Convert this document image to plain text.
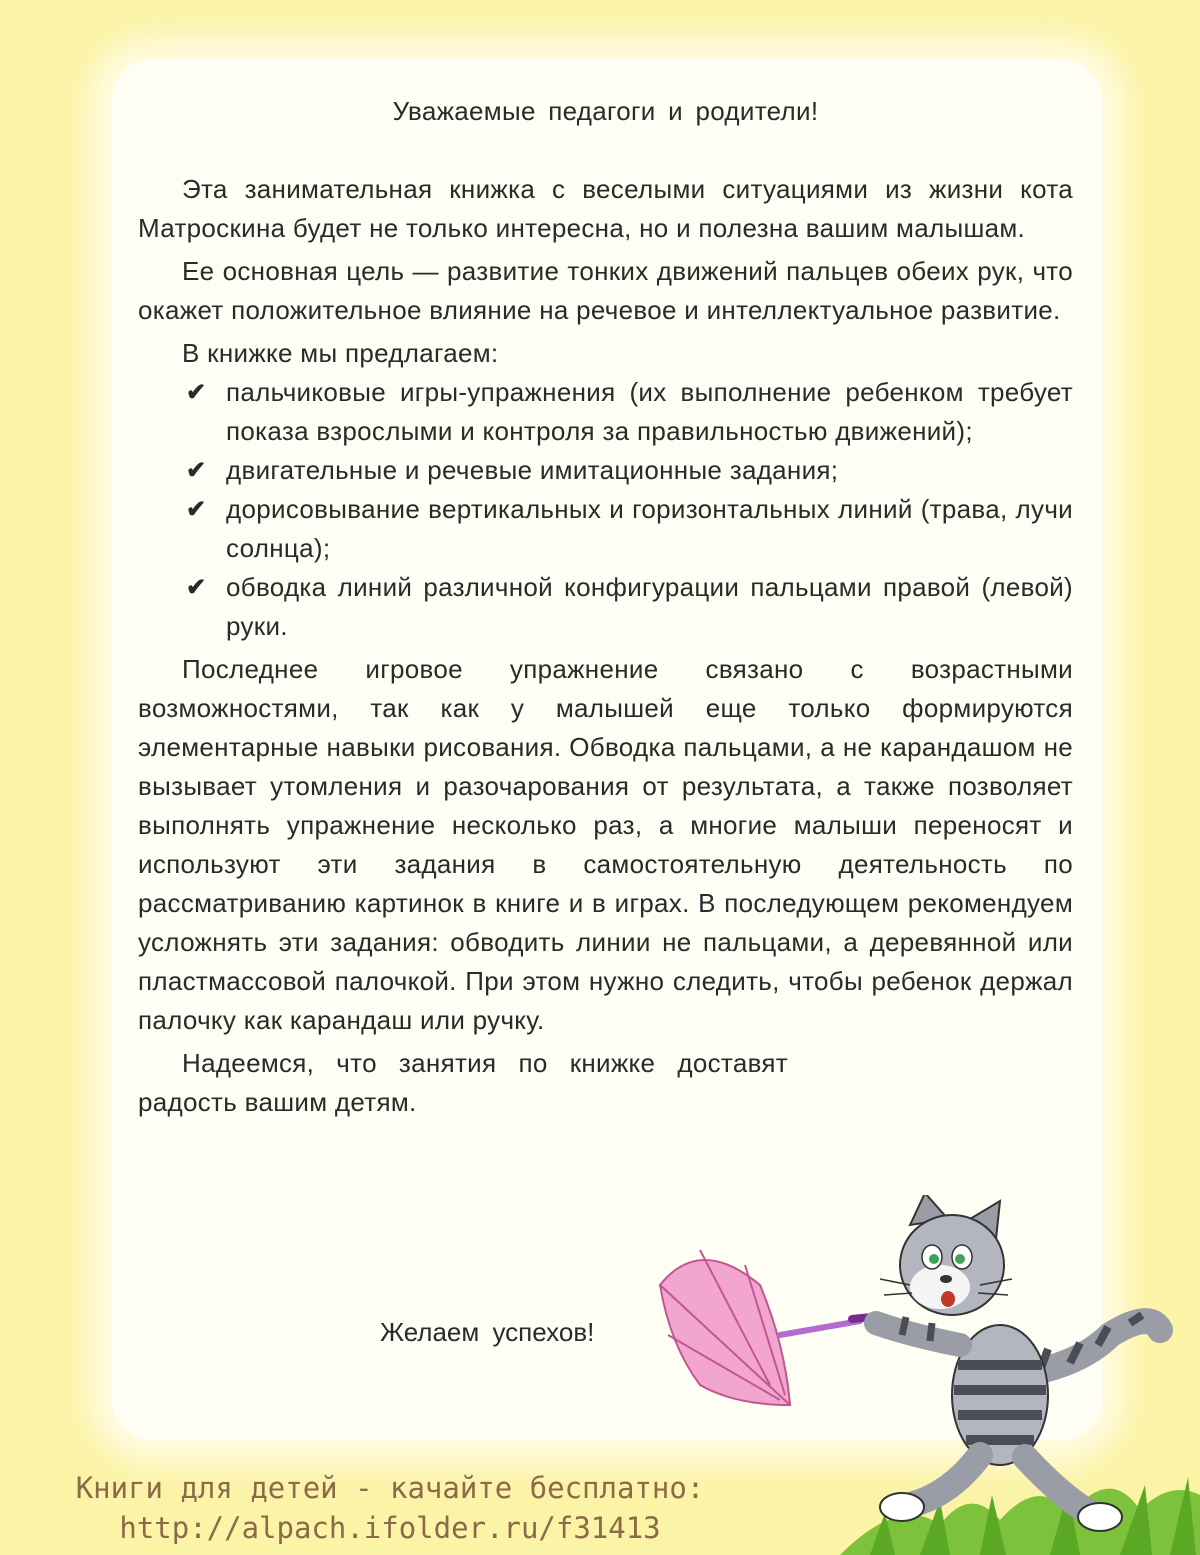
Уважаемые педагоги и родители!

Эта занимательная книжка с веселыми ситуациями из жизни кота Матроскина будет не только интересна, но и полезна вашим малышам.

Ее основная цель — развитие тонких движений пальцев обеих рук, что окажет положительное влияние на речевое и интеллектуальное развитие.

В книжке мы предлагаем:

✔ пальчиковые игры-упражнения (их выполнение ребенком требует показа взрослыми и контроля за правильностью движений);
✔ двигательные и речевые имитационные задания;
✔ дорисовывание вертикальных и горизонтальных линий (трава, лучи солнца);
✔ обводка линий различной конфигурации пальцами правой (левой) руки.

Последнее игровое упражнение связано с возрастными возможностями, так как у малышей еще только формируются элементарные навыки рисования. Обводка пальцами, а не карандашом не вызывает утомления и разочарования от результата, а также позволяет выполнять упражнение несколько раз, а многие малыши переносят и используют эти задания в самостоятельную деятельность по рассматриванию картинок в книге и в играх. В последующем рекомендуем усложнять эти задания: обводить линии не пальцами, а деревянной или пластмассовой палочкой. При этом нужно следить, чтобы ребенок держал палочку как карандаш или ручку.

Надеемся, что занятия по книжке доставят радость вашим детям.

Желаем успехов!
Книги для детей - качайте бесплатно:
http://alpach.ifolder.ru/f31413
